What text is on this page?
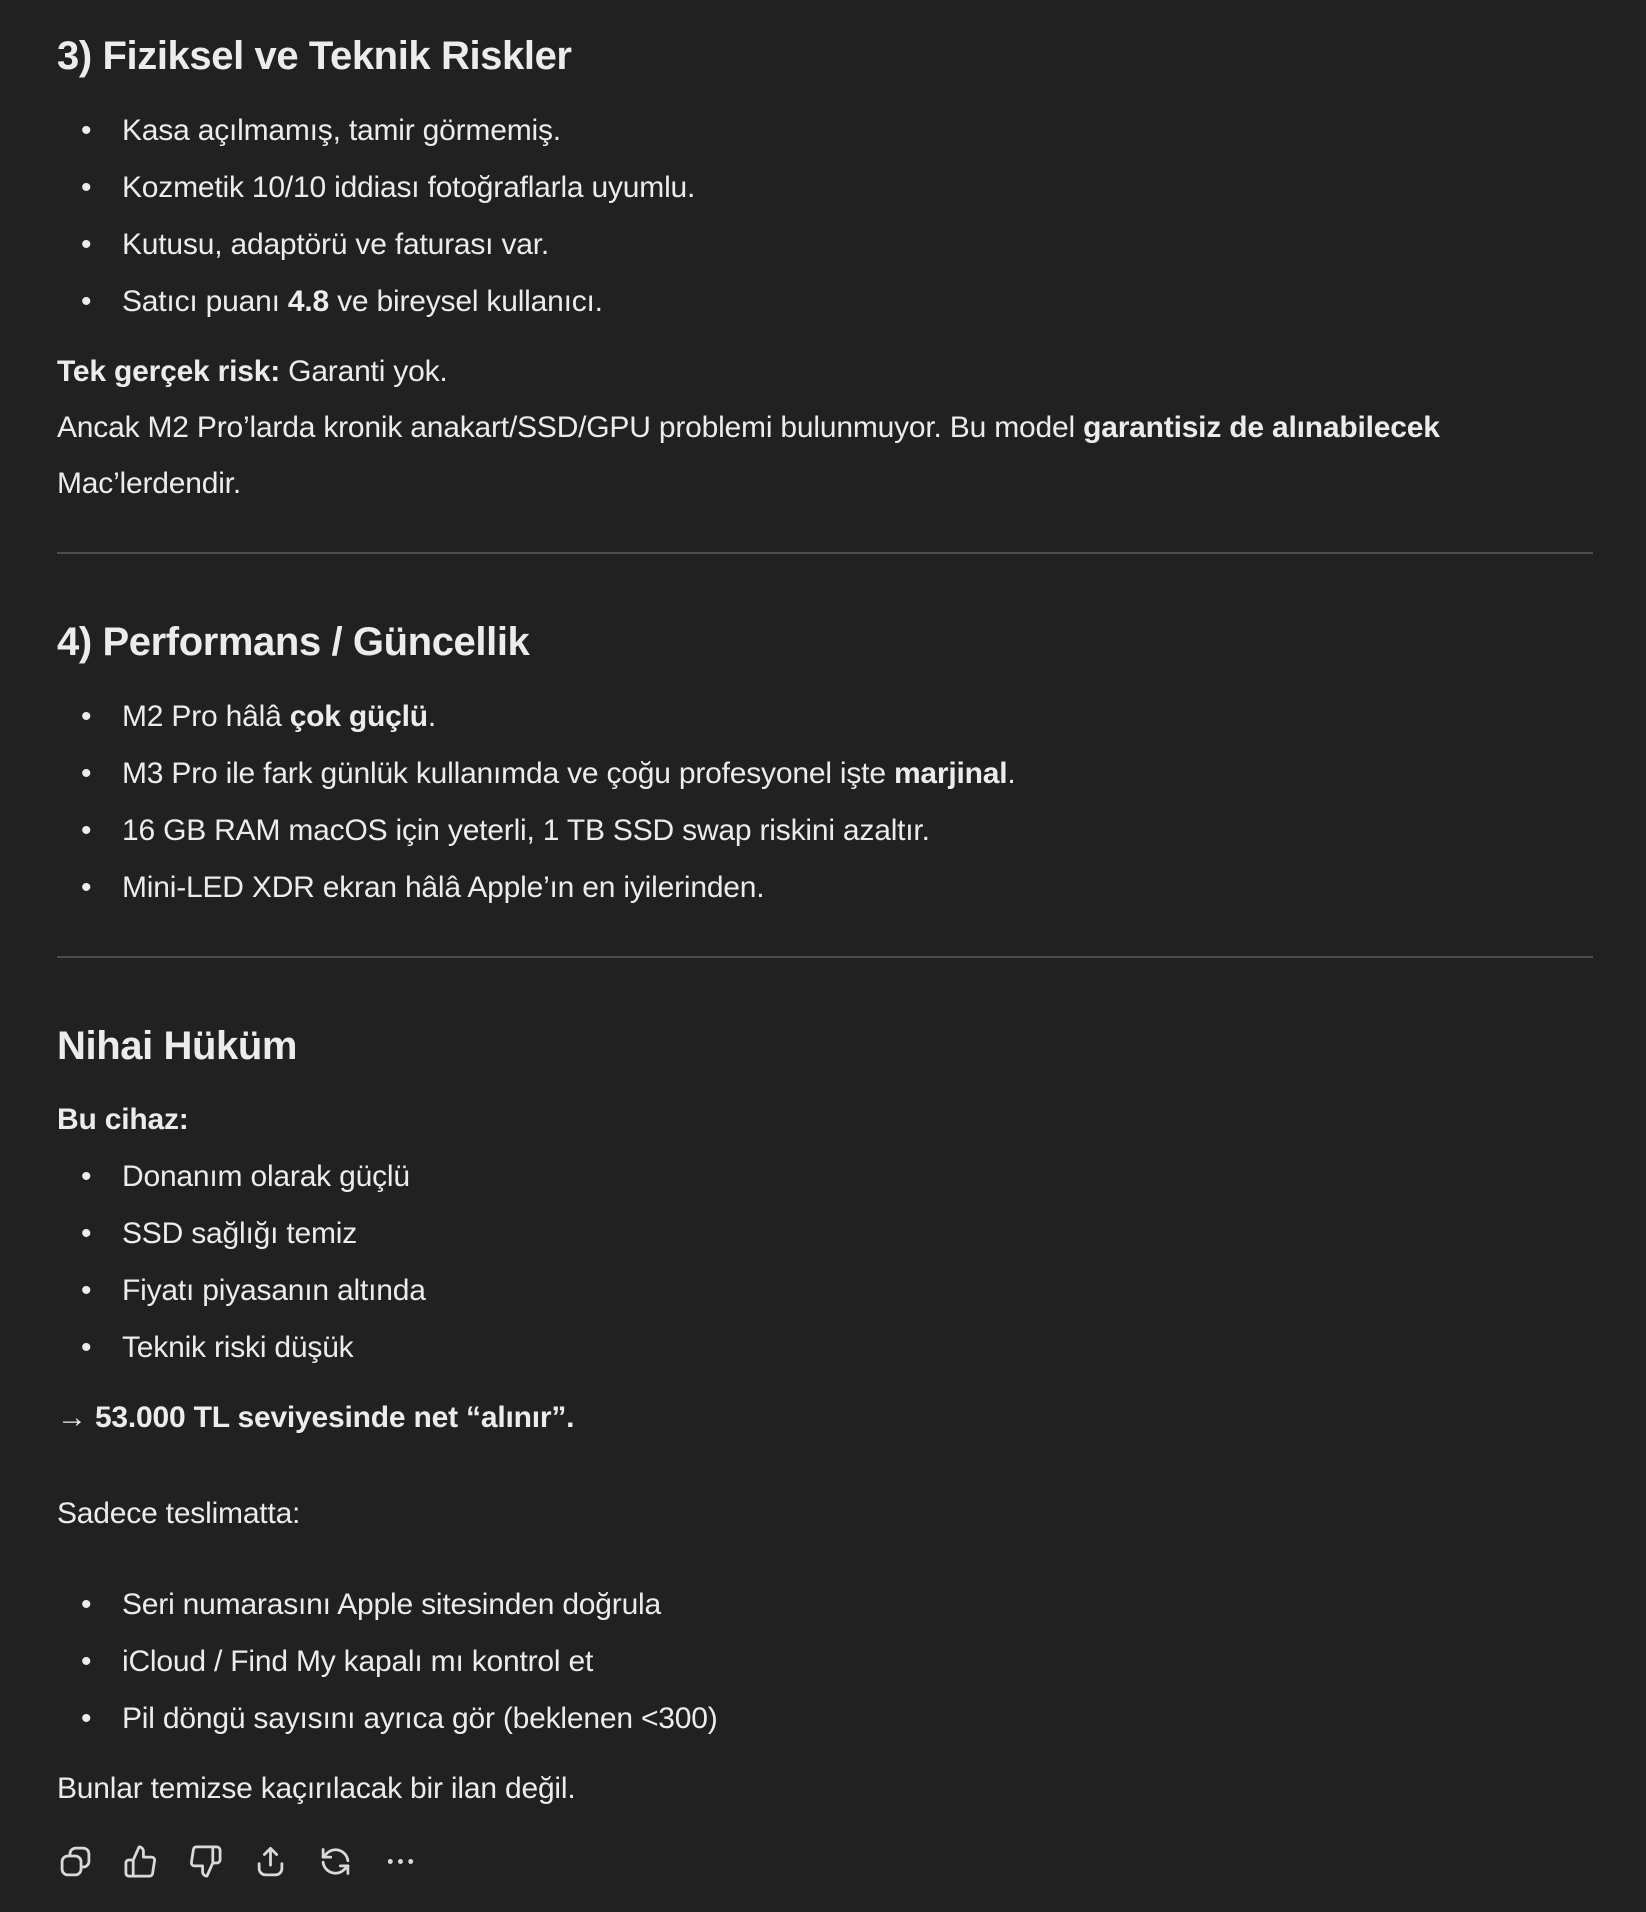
3) Fiziksel ve Teknik Riskler
• Kasa açılmamış, tamir görmemiş.
• Kozmetik 10/10 iddiası fotoğraflarla uyumlu.
• Kutusu, adaptörü ve faturası var.
• Satıcı puanı 4.8 ve bireysel kullanıcı.

Tek gerçek risk: Garanti yok.

Ancak M2 Pro’larda kronik anakart/SSD/GPU problemi bulunmuyor. Bu model garantisiz de alınabilecek Mac’lerdendir.

4) Performans / Güncellik
• M2 Pro hâlâ çok güçlü.
• M3 Pro ile fark günlük kullanımda ve çoğu profesyonel işte marjinal.
• 16 GB RAM macOS için yeterli, 1 TB SSD swap riskini azaltır.
• Mini-LED XDR ekran hâlâ Apple’ın en iyilerinden.
Nihai Hüküm

Bu cihaz:

• Donanım olarak güçlü
• SSD sağlığı temiz
• Fiyatı piyasanın altında
• Teknik riski düşük

→ 53.000 TL seviyesinde net “alınır”.

Sadece teslimatta:

• Seri numarasını Apple sitesinden doğrula
• iCloud / Find My kapalı mı kontrol et
• Pil döngü sayısını ayrıca gör (beklenen <300)

Bunlar temizse kaçırılacak bir ilan değil.
